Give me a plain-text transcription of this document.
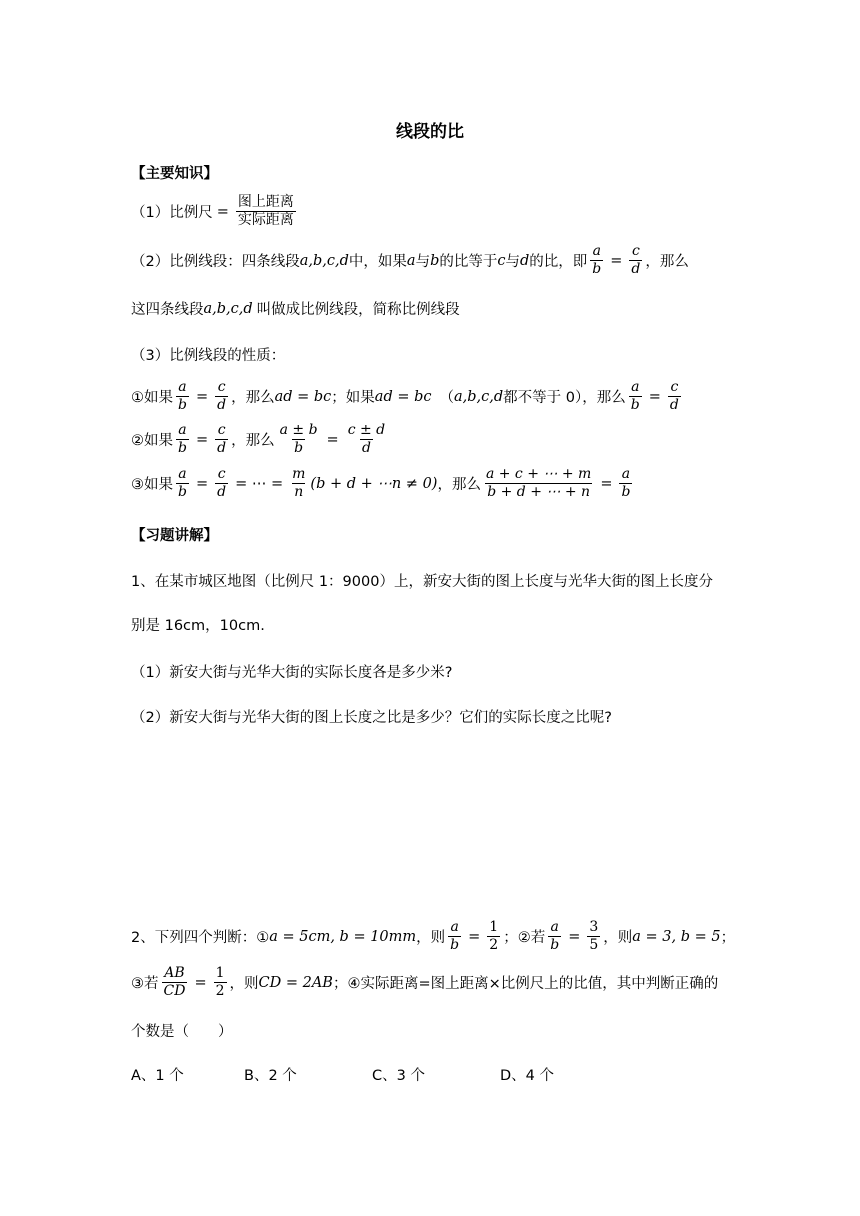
线段的比
【主要知识】
（1）比例尺 = $\frac{\text{图上距离}}{\text{实际距离}}$
（2）比例线段：四条线段 a,b,c,d 中，如果 a 与 b 的比等于 c 与 d 的比，即 $\frac{a}{b} = \frac{c}{d}$ ，那么
这四条线段 a,b,c,d 叫做成比例线段，简称比例线段
（3）比例线段的性质：
①如果 $\frac{a}{b} = \frac{c}{d}$ ，那么 ad = bc ；如果 ad = bc （ a,b,c,d 都不等于 0），那么 $\frac{a}{b} = \frac{c}{d}$
②如果 $\frac{a}{b} = \frac{c}{d}$ ，那么 $\frac{a \pm b}{b} = \frac{c \pm d}{d}$
③如果 $\frac{a}{b} = \frac{c}{d}$ = ⋯ = $\frac{m}{n} (b + d$ + ⋯n ≠ 0) ，那么 $\frac{a + c + \cdots + m}{b + d + \cdots + n} = \frac{a}{b}$
【习题讲解】
1、在某市城区地图（比例尺 1：9000）上，新安大街的图上长度与光华大街的图上长度分
别是 16cm，10cm.
（1）新安大街与光华大街的实际长度各是多少米?
（2）新安大街与光华大街的图上长度之比是多少？它们的实际长度之比呢?
2、下列四个判断：① a = 5cm, b = 10mm ，则 $\frac{a}{b} = \frac{1}{2}$ ；②若 $\frac{a}{b} = \frac{3}{5}$ ，则 a = 3, b = 5 ；
③若 $\frac{AB}{CD} = \frac{1}{2}$ ，则 CD = 2AB ；④实际距离=图上距离×比例尺上的比值，其中判断正确的
个数是（　　）
A、1 个	B、2 个	C、3 个	D、4 个
